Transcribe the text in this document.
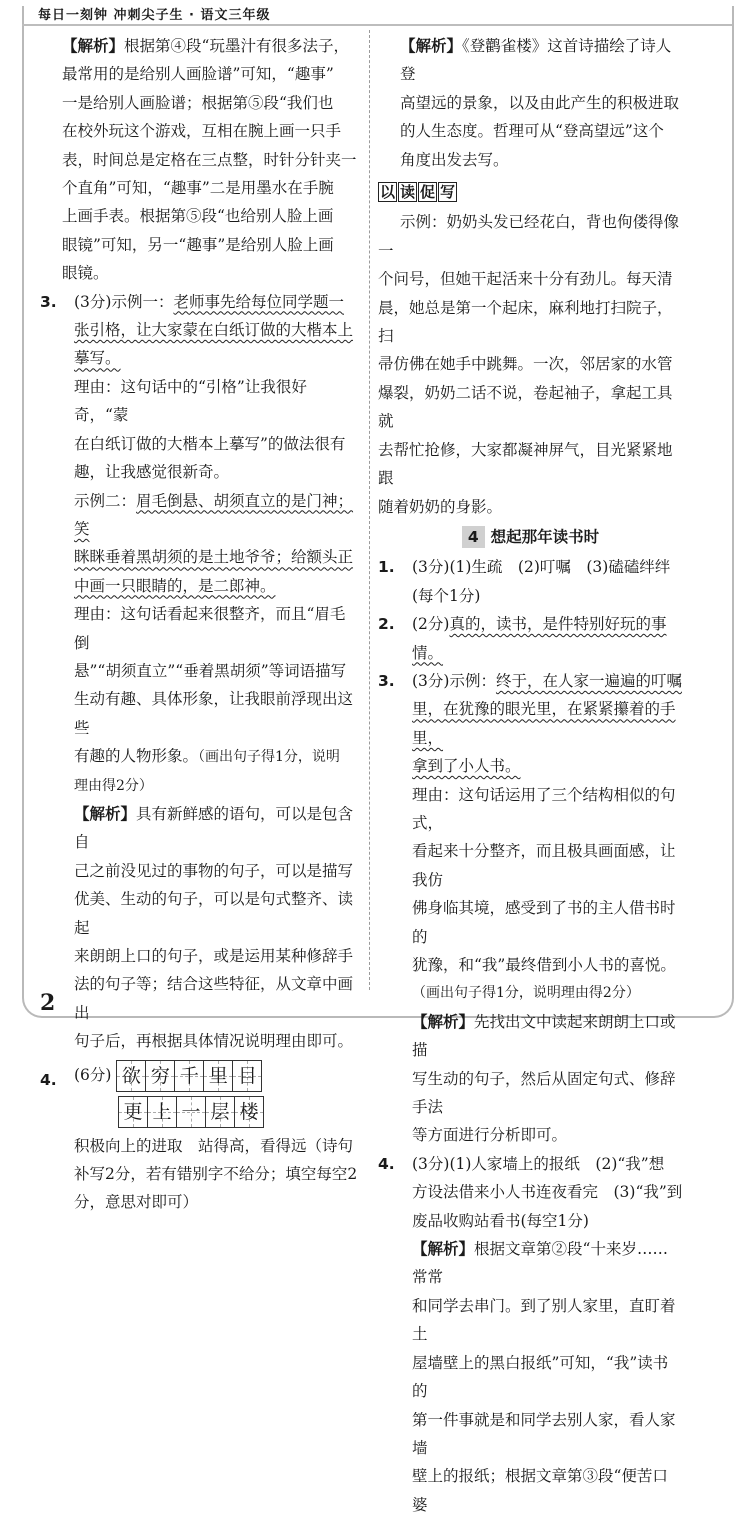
每日一刻钟 冲刺尖子生 · 语文三年级

【解析】根据第④段“玩墨汁有很多法子，

最常用的是给别人画脸谱”可知，“趣事”

一是给别人画脸谱；根据第⑤段“我们也

在校外玩这个游戏，互相在腕上画一只手

表，时间总是定格在三点整，时针分针夹一

个直角”可知，“趣事”二是用墨水在手腕

上画手表。根据第⑤段“也给别人脸上画

眼镜”可知，另一“趣事”是给别人脸上画

眼镜。

3. (3分)示例一：老师事先给每位同学题一

张引格，让大家蒙在白纸订做的大楷本上

摹写。

理由：这句话中的“引格”让我很好奇，“蒙

在白纸订做的大楷本上摹写”的做法很有

趣，让我感觉很新奇。

示例二：眉毛倒悬、胡须直立的是门神；笑

眯眯垂着黑胡须的是土地爷爷；给额头正

中画一只眼睛的，是二郎神。

理由：这句话看起来很整齐，而且“眉毛倒

悬”“胡须直立”“垂着黑胡须”等词语描写

生动有趣、具体形象，让我眼前浮现出这些

有趣的人物形象。（画出句子得1分，说明

理由得2分）

【解析】具有新鲜感的语句，可以是包含自

己之前没见过的事物的句子，可以是描写

优美、生动的句子，可以是句式整齐、读起

来朗朗上口的句子，或是运用某种修辞手

法的句子等；结合这些特征，从文章中画出

句子后，再根据具体情况说明理由即可。

4. (6分) 欲 穷 千 里 目
更 上 一 层 楼

积极向上的进取　站得高，看得远（诗句

补写2分，若有错别字不给分；填空每空2

分，意思对即可）

【解析】《登鹳雀楼》这首诗描绘了诗人登

高望远的景象，以及由此产生的积极进取

的人生态度。哲理可从“登高望远”这个

角度出发去写。

以 读 促 写

示例：奶奶头发已经花白，背也佝偻得像一

个问号，但她干起活来十分有劲儿。每天清

晨，她总是第一个起床，麻利地打扫院子，扫

帚仿佛在她手中跳舞。一次，邻居家的水管

爆裂，奶奶二话不说，卷起袖子，拿起工具就

去帮忙抢修，大家都凝神屏气，目光紧紧地跟

随着奶奶的身影。

4 想起那年读书时
1. (3分)(1)生疏　(2)叮嘱　(3)磕磕绊绊

(每个1分)

2. (2分)真的，读书，是件特别好玩的事情。

3. (3分)示例：终于，在人家一遍遍的叮嘱

里，在犹豫的眼光里，在紧紧攥着的手里，

拿到了小人书。

理由：这句话运用了三个结构相似的句式，

看起来十分整齐，而且极具画面感，让我仿

佛身临其境，感受到了书的主人借书时的

犹豫，和“我”最终借到小人书的喜悦。

（画出句子得1分，说明理由得2分）

【解析】先找出文中读起来朗朗上口或描

写生动的句子，然后从固定句式、修辞手法

等方面进行分析即可。

4. (3分)(1)人家墙上的报纸　(2)“我”想

方设法借来小人书连夜看完　(3)“我”到

废品收购站看书(每空1分)

【解析】根据文章第②段“十来岁……常常

和同学去串门。到了别人家里，直盯着土

屋墙壁上的黑白报纸”可知，“我”读书的

第一件事就是和同学去别人家，看人家墙

壁上的报纸；根据文章第③段“便苦口婆

2
